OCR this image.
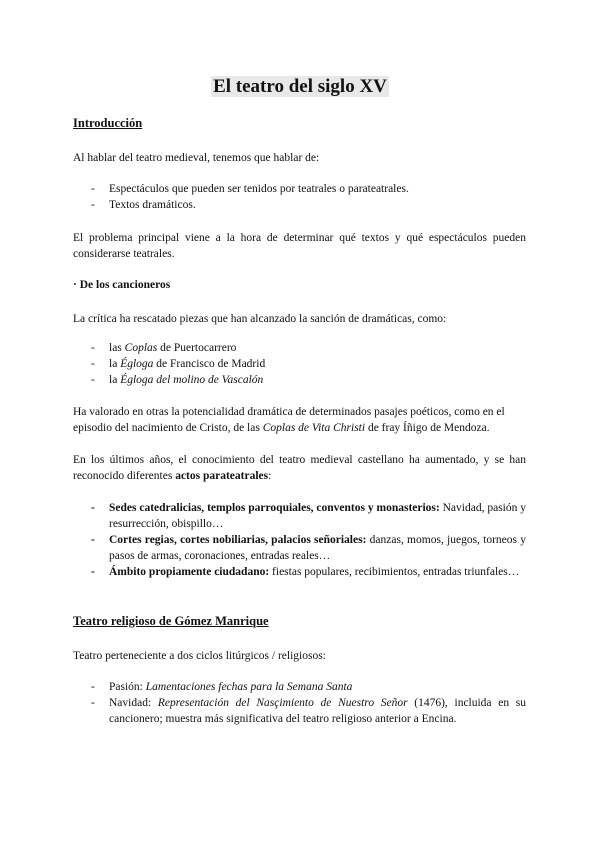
El teatro del siglo XV
Introducción
Al hablar del teatro medieval, tenemos que hablar de:
- Espectáculos que pueden ser tenidos por teatrales o parateatrales.
- Textos dramáticos.
El problema principal viene a la hora de determinar qué textos y qué espectáculos pueden considerarse teatrales.
· De los cancioneros
La crítica ha rescatado piezas que han alcanzado la sanción de dramáticas, como:
- las Coplas de Puertocarrero
- la Égloga de Francisco de Madrid
- la Égloga del molino de Vascalón
Ha valorado en otras la potencialidad dramática de determinados pasajes poéticos, como en el episodio del nacimiento de Cristo, de las Coplas de Vita Christi de fray Íñigo de Mendoza.
En los últimos años, el conocimiento del teatro medieval castellano ha aumentado, y se han reconocido diferentes actos parateatrales:
- Sedes catedralicias, templos parroquiales, conventos y monasterios: Navidad, pasión y resurrección, obispillo…
- Cortes regias, cortes nobiliarias, palacios señoriales: danzas, momos, juegos, torneos y pasos de armas, coronaciones, entradas reales…
- Ámbito propiamente ciudadano: fiestas populares, recibimientos, entradas triunfales…
Teatro religioso de Gómez Manrique
Teatro perteneciente a dos ciclos litúrgicos / religiosos:
- Pasión: Lamentaciones fechas para la Semana Santa
- Navidad: Representación del Nasçimiento de Nuestro Señor (1476), incluida en su cancionero; muestra más significativa del teatro religioso anterior a Encina.
